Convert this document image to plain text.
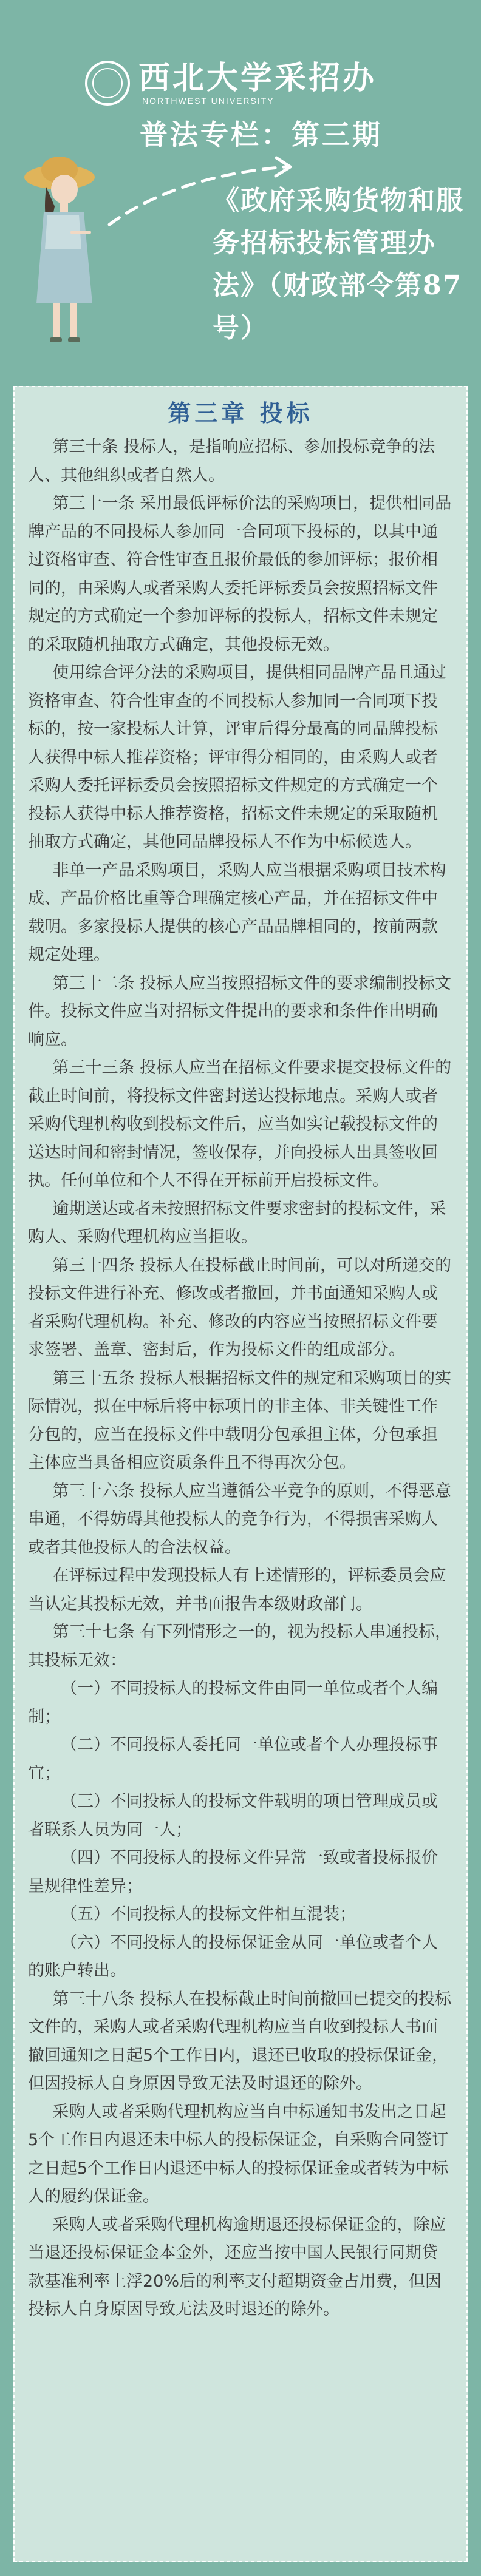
西北大学采招办
NORTHWEST UNIVERSITY
普法专栏：第三期
《政府采购货物和服务招标投标管理办法》（财政部令第87号）
第三章 投标

第三十条 投标人，是指响应招标、参加投标竞争的法人、其他组织或者自然人。

第三十一条 采用最低评标价法的采购项目，提供相同品牌产品的不同投标人参加同一合同项下投标的，以其中通过资格审查、符合性审查且报价最低的参加评标；报价相同的，由采购人或者采购人委托评标委员会按照招标文件规定的方式确定一个参加评标的投标人，招标文件未规定的采取随机抽取方式确定，其他投标无效。

使用综合评分法的采购项目，提供相同品牌产品且通过资格审查、符合性审查的不同投标人参加同一合同项下投标的，按一家投标人计算，评审后得分最高的同品牌投标人获得中标人推荐资格；评审得分相同的，由采购人或者采购人委托评标委员会按照招标文件规定的方式确定一个投标人获得中标人推荐资格，招标文件未规定的采取随机抽取方式确定，其他同品牌投标人不作为中标候选人。

非单一产品采购项目，采购人应当根据采购项目技术构成、产品价格比重等合理确定核心产品，并在招标文件中载明。多家投标人提供的核心产品品牌相同的，按前两款规定处理。

第三十二条 投标人应当按照招标文件的要求编制投标文件。投标文件应当对招标文件提出的要求和条件作出明确响应。

第三十三条 投标人应当在招标文件要求提交投标文件的截止时间前，将投标文件密封送达投标地点。采购人或者采购代理机构收到投标文件后，应当如实记载投标文件的送达时间和密封情况，签收保存，并向投标人出具签收回执。任何单位和个人不得在开标前开启投标文件。

逾期送达或者未按照招标文件要求密封的投标文件，采购人、采购代理机构应当拒收。

第三十四条 投标人在投标截止时间前，可以对所递交的投标文件进行补充、修改或者撤回，并书面通知采购人或者采购代理机构。补充、修改的内容应当按照招标文件要求签署、盖章、密封后，作为投标文件的组成部分。

第三十五条 投标人根据招标文件的规定和采购项目的实际情况，拟在中标后将中标项目的非主体、非关键性工作分包的，应当在投标文件中载明分包承担主体，分包承担主体应当具备相应资质条件且不得再次分包。

第三十六条 投标人应当遵循公平竞争的原则，不得恶意串通，不得妨碍其他投标人的竞争行为，不得损害采购人或者其他投标人的合法权益。

在评标过程中发现投标人有上述情形的，评标委员会应当认定其投标无效，并书面报告本级财政部门。

第三十七条 有下列情形之一的，视为投标人串通投标，其投标无效：

（一）不同投标人的投标文件由同一单位或者个人编制；

（二）不同投标人委托同一单位或者个人办理投标事宜；

（三）不同投标人的投标文件载明的项目管理成员或者联系人员为同一人；

（四）不同投标人的投标文件异常一致或者投标报价呈规律性差异；

（五）不同投标人的投标文件相互混装；

（六）不同投标人的投标保证金从同一单位或者个人的账户转出。

第三十八条 投标人在投标截止时间前撤回已提交的投标文件的，采购人或者采购代理机构应当自收到投标人书面撤回通知之日起5个工作日内，退还已收取的投标保证金，但因投标人自身原因导致无法及时退还的除外。

采购人或者采购代理机构应当自中标通知书发出之日起5个工作日内退还未中标人的投标保证金，自采购合同签订之日起5个工作日内退还中标人的投标保证金或者转为中标人的履约保证金。

采购人或者采购代理机构逾期退还投标保证金的，除应当退还投标保证金本金外，还应当按中国人民银行同期贷款基准利率上浮20%后的利率支付超期资金占用费，但因投标人自身原因导致无法及时退还的除外。
